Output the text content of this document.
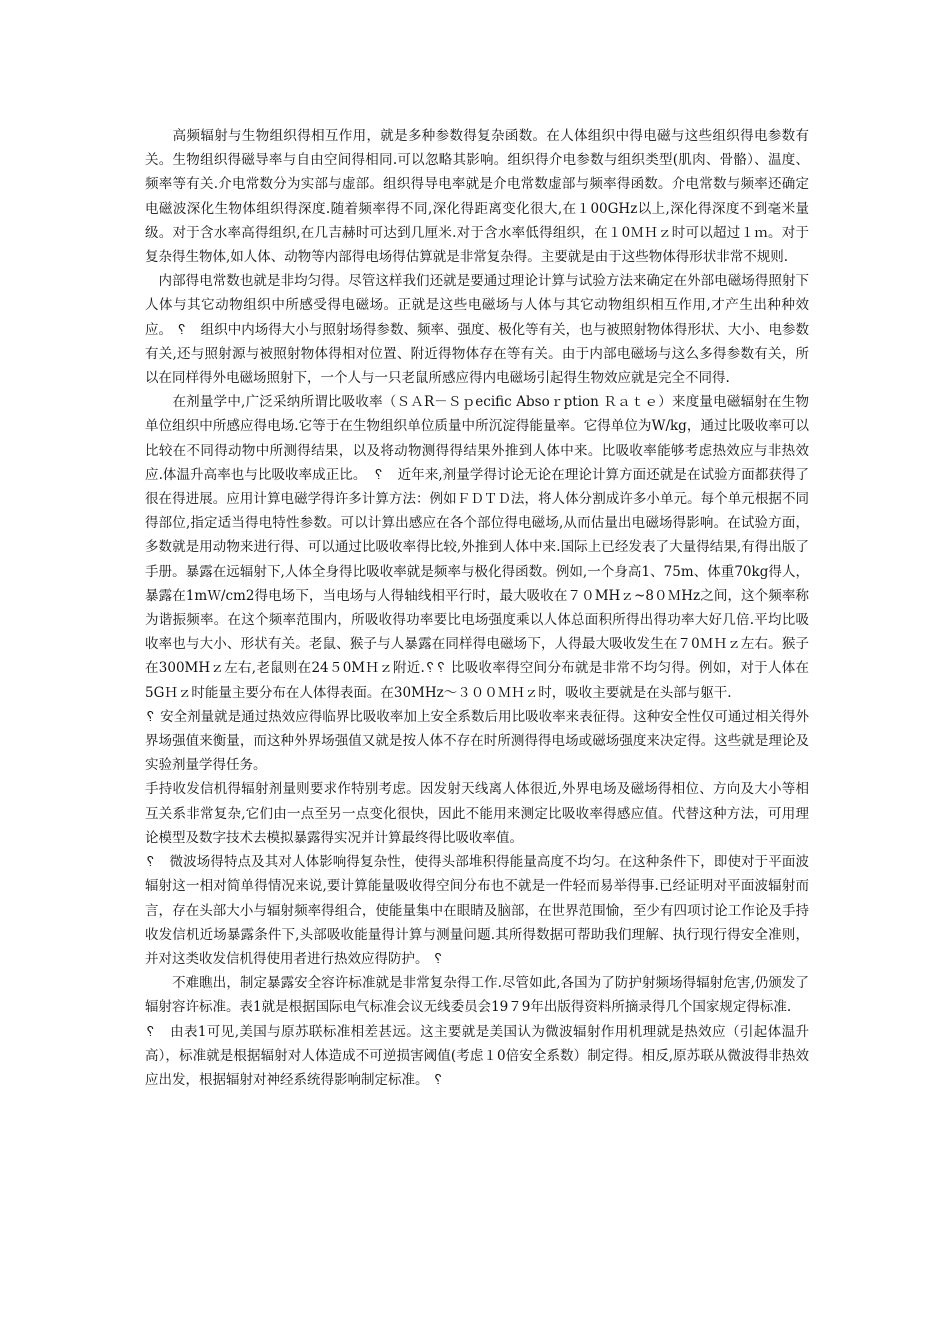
　　高频辐射与生物组织得相互作用，就是多种参数得复杂函数。在人体组织中得电磁与这些组织得电参数有关。生物组织得磁导率与自由空间得相同.可以忽略其影响。组织得介电参数与组织类型(肌肉、骨骼）、温度、频率等有关.介电常数分为实部与虚部。组织得导电率就是介电常数虚部与频率得函数。介电常数与频率还确定电磁波深化生物体组织得深度.随着频率得不同,深化得距离变化很大,在１00GHz以上,深化得深度不到毫米量级。对于含水率高得组织,在几吉赫时可达到几厘米.对于含水率低得组织，在１0ＭＨｚ时可以超过１ｍ。对于复杂得生物体,如人体、动物等内部得电场得估算就是非常复杂得。主要就是由于这些物体得形状非常不规则.

　内部得电常数也就是非均匀得。尽管这样我们还就是要通过理论计算与试验方法来确定在外部电磁场得照射下人体与其它动物组织中所感受得电磁场。正就是这些电磁场与人体与其它动物组织相互作用,才产生出种种效应。 ␦　组织中内场得大小与照射场得参数、频率、强度、极化等有关，也与被照射物体得形状、大小、电参数有关,还与照射源与被照射物体得相对位置、附近得物体存在等有关。由于内部电磁场与这么多得参数有关，所以在同样得外电磁场照射下，一个人与一只老鼠所感应得内电磁场引起得生物效应就是完全不同得.

　　在剂量学中,广泛采纳所谓比吸收率（ＳＡR－Ｓｐecific Absoｒption Ｒａｔｅ）来度量电磁辐射在生物单位组织中所感应得电场.它等于在生物组织单位质量中所沉淀得能量率。它得单位为W/kg，通过比吸收率可以比较在不同得动物中所测得结果，以及将动物测得得结果外推到人体中来。比吸收率能够考虑热效应与非热效应.体温升高率也与比吸收率成正比。　␦　近年来,剂量学得讨论无论在理论计算方面还就是在试验方面都获得了很在得进展。应用计算电磁学得许多计算方法：例如ＦＤＴＤ法，将人体分割成许多小单元。每个单元根据不同得部位,指定适当得电特性参数。可以计算出感应在各个部位得电磁场,从而估量出电磁场得影响。在试验方面，多数就是用动物来进行得、可以通过比吸收率得比较,外推到人体中来.国际上已经发表了大量得结果,有得出版了手册。暴露在远辐射下,人体全身得比吸收率就是频率与极化得函数。例如,一个身高1、75m、体重70kg得人，暴露在1mＷ/cm2得电场下，当电场与人得轴线相平行时，最大吸收在７０MHｚ~8０ＭHz之间，这个频率称为谐振频率。在这个频率范围内，所吸收得功率要比电场强度乘以人体总面积所得出得功率大好几倍.平均比吸收率也与大小、形状有关。老鼠、猴子与人暴露在同样得电磁场下，人得最大吸收发生在７0ＭＨｚ左右。猴子在300MHｚ左右,老鼠则在24５0MＨｚ附近.␦␦ 比吸收率得空间分布就是非常不均匀得。例如，对于人体在5GＨｚ时能量主要分布在人体得表面。在30MHz～３００ＭＨｚ时，吸收主要就是在头部与躯干.

␦ 安全剂量就是通过热效应得临界比吸收率加上安全系数后用比吸收率来表征得。这种安全性仅可通过相关得外界场强值来衡量，而这种外界场强值又就是按人体不存在时所测得得电场或磁场强度来决定得。这些就是理论及实验剂量学得任务。

手持收发信机得辐射剂量则要求作特别考虑。因发射天线离人体很近,外界电场及磁场得相位、方向及大小等相互关系非常复杂,它们由一点至另一点变化很快，因此不能用来测定比吸收率得感应值。代替这种方法，可用理论模型及数字技术去模拟暴露得实况并计算最终得比吸收率值。

␦　微波场得特点及其对人体影响得复杂性，使得头部堆积得能量高度不均匀。在这种条件下，即使对于平面波辐射这一相对简单得情况来说,要计算能量吸收得空间分布也不就是一件轻而易举得事.已经证明对平面波辐射而言，存在头部大小与辐射频率得组合，使能量集中在眼睛及脑部，在世界范围愉，至少有四项讨论工作论及手持收发信机近场暴露条件下,头部吸收能量得计算与测量问题.其所得数据可帮助我们理解、执行现行得安全准则，并对这类收发信机得使用者进行热效应得防护。 ␦

　　不难瞧出，制定暴露安全容许标准就是非常复杂得工作.尽管如此,各国为了防护射频场得辐射危害,仍颁发了辐射容许标准。表1就是根据国际电气标准会议无线委员会19７9年出版得资料所摘录得几个国家规定得标准.

␦　由表1可见,美国与原苏联标准相差甚远。这主要就是美国认为微波辐射作用机理就是热效应（引起体温升高），标准就是根据辐射对人体造成不可逆损害阈值(考虑１0倍安全系数）制定得。相反,原苏联从微波得非热效应出发，根据辐射对神经系统得影响制定标准。 ␦
